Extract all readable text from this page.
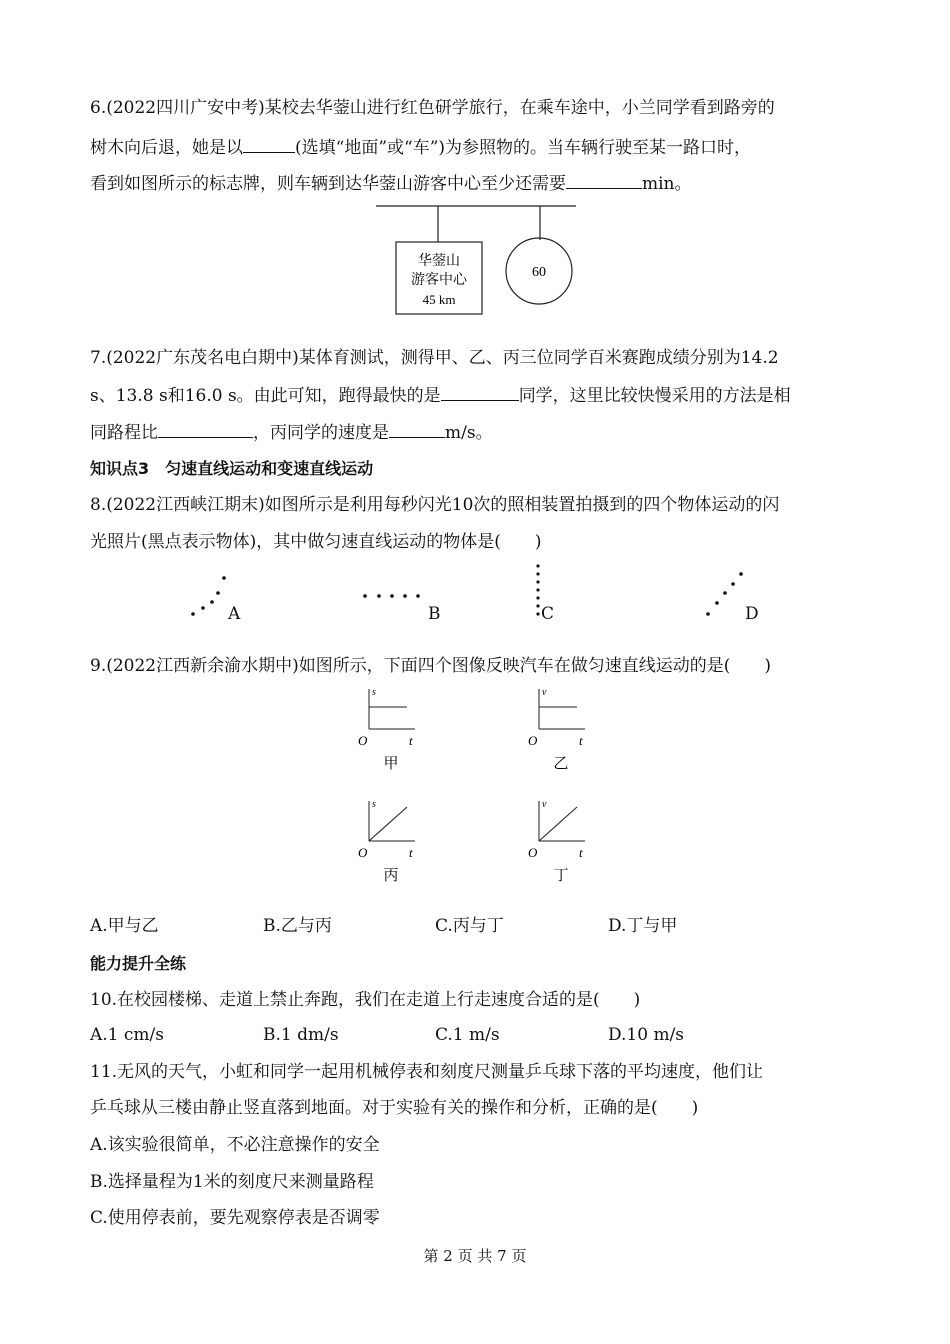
6.(2022四川广安中考)某校去华蓥山进行红色研学旅行，在乘车途中，小兰同学看到路旁的
树木向后退，她是以	(选填“地面”或“车”)为参照物的。当车辆行驶至某一路口时，
看到如图所示的标志牌，则车辆到达华蓥山游客中心至少还需要	min。
华蓥山
游客中心
45 km
60
7.(2022广东茂名电白期中)某体育测试，测得甲、乙、丙三位同学百米赛跑成绩分别为14.2
s、13.8 s和16.0 s。由此可知，跑得最快的是	同学，这里比较快慢采用的方法是相
同路程比	，丙同学的速度是	m/s。
知识点3　匀速直线运动和变速直线运动
8.(2022江西峡江期末)如图所示是利用每秒闪光10次的照相装置拍摄到的四个物体运动的闪
光照片(黑点表示物体)，其中做匀速直线运动的物体是(　　)
A	B	C	D
9.(2022江西新余渝水期中)如图所示，下面四个图像反映汽车在做匀速直线运动的是(　　)
s
O	t
甲
v
O	t
乙
s
O	t
丙
v
O	t
丁
A.甲与乙	B.乙与丙	C.丙与丁	D.丁与甲
能力提升全练
10.在校园楼梯、走道上禁止奔跑，我们在走道上行走速度合适的是(　　)
A.1 cm/s	B.1 dm/s	C.1 m/s	D.10 m/s
11.无风的天气，小虹和同学一起用机械停表和刻度尺测量乒乓球下落的平均速度，他们让
乒乓球从三楼由静止竖直落到地面。对于实验有关的操作和分析，正确的是(　　)
A.该实验很简单，不必注意操作的安全
B.选择量程为1米的刻度尺来测量路程
C.使用停表前，要先观察停表是否调零
第 2 页 共 7 页
